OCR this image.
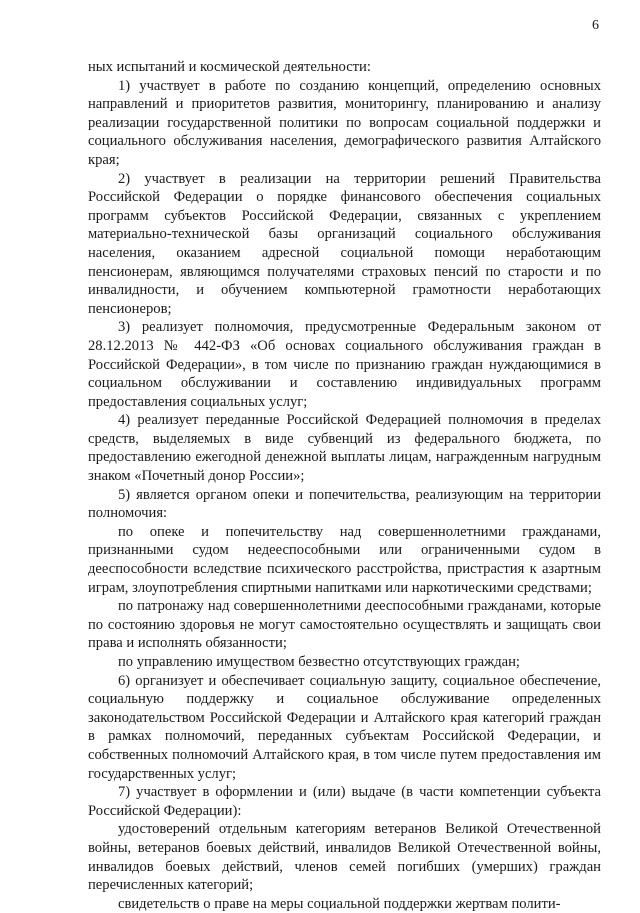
6

ных испытаний и космической деятельности:

1) участвует в работе по созданию концепций, определению основных направлений и приоритетов развития, мониторингу, планированию и анализу реализации государственной политики по вопросам социальной поддержки и социального обслуживания населения, демографического развития Алтайского края;

2) участвует в реализации на территории решений Правительства Российской Федерации о порядке финансового обеспечения социальных программ субъектов Российской Федерации, связанных с укреплением материально-технической базы организаций социального обслуживания населения, оказанием адресной социальной помощи неработающим пенсионерам, являющимся получателями страховых пенсий по старости и по инвалидности, и обучением компьютерной грамотности неработающих пенсионеров;

3) реализует полномочия, предусмотренные Федеральным законом от 28.12.2013 № 442-ФЗ «Об основах социального обслуживания граждан в Российской Федерации», в том числе по признанию граждан нуждающимися в социальном обслуживании и составлению индивидуальных программ предоставления социальных услуг;

4) реализует переданные Российской Федерацией полномочия в пределах средств, выделяемых в виде субвенций из федерального бюджета, по предоставлению ежегодной денежной выплаты лицам, награжденным нагрудным знаком «Почетный донор России»;

5) является органом опеки и попечительства, реализующим на территории полномочия:

по опеке и попечительству над совершеннолетними гражданами, признанными судом недееспособными или ограниченными судом в дееспособности вследствие психического расстройства, пристрастия к азартным играм, злоупотребления спиртными напитками или наркотическими средствами;

по патронажу над совершеннолетними дееспособными гражданами, которые по состоянию здоровья не могут самостоятельно осуществлять и защищать свои права и исполнять обязанности;

по управлению имуществом безвестно отсутствующих граждан;

6) организует и обеспечивает социальную защиту, социальное обеспечение, социальную поддержку и социальное обслуживание определенных законодательством Российской Федерации и Алтайского края категорий граждан в рамках полномочий, переданных субъектам Российской Федерации, и собственных полномочий Алтайского края, в том числе путем предоставления им государственных услуг;

7) участвует в оформлении и (или) выдаче (в части компетенции субъекта Российской Федерации):

удостоверений отдельным категориям ветеранов Великой Отечественной войны, ветеранов боевых действий, инвалидов Великой Отечественной войны, инвалидов боевых действий, членов семей погибших (умерших) граждан перечисленных категорий;

свидетельств о праве на меры социальной поддержки жертвам полити-
